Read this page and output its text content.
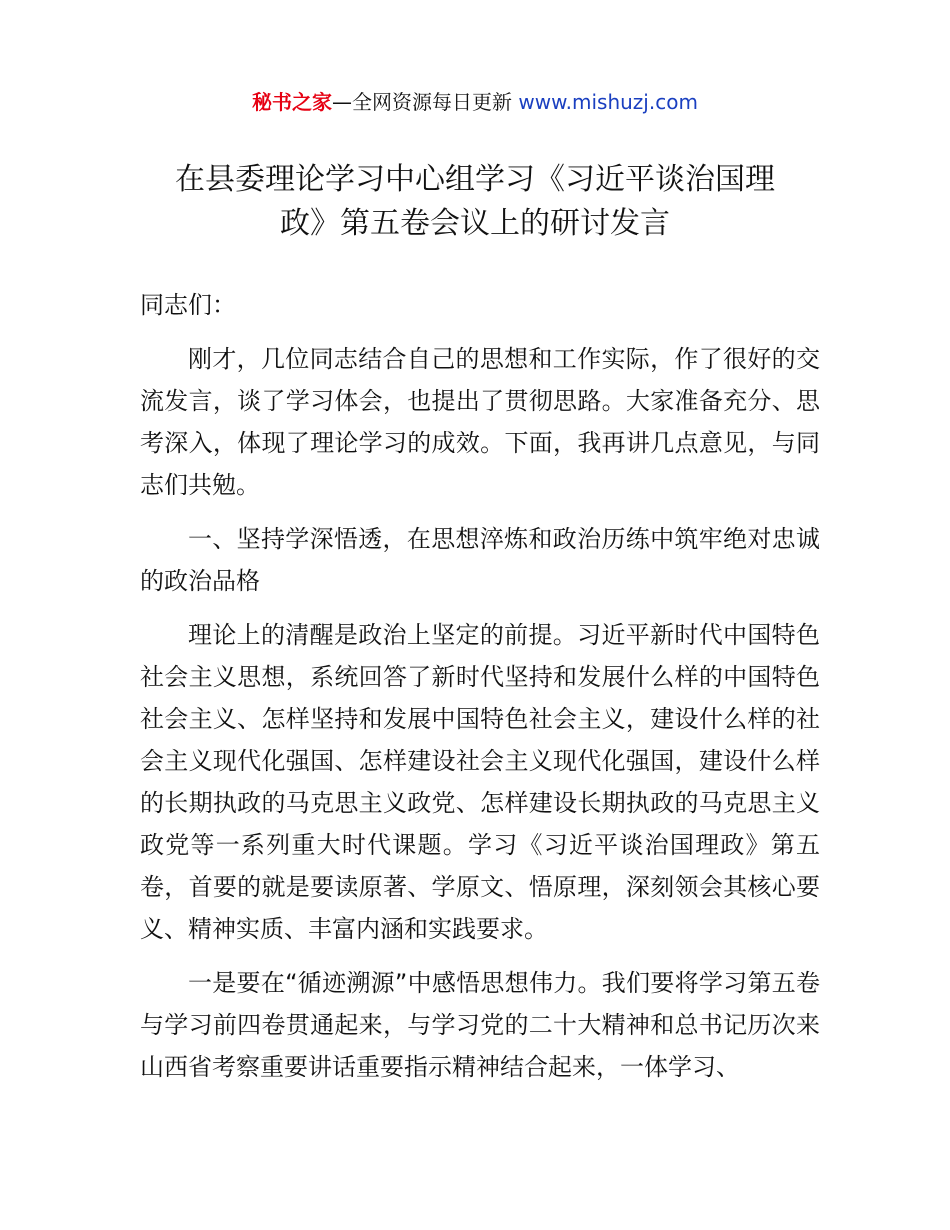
秘书之家—全网资源每日更新 www.mishuzj.com
在县委理论学习中心组学习《习近平谈治国理
政》第五卷会议上的研讨发言

同志们：

刚才，几位同志结合自己的思想和工作实际，作了很好的交流发言，谈了学习体会，也提出了贯彻思路。大家准备充分、思考深入，体现了理论学习的成效。下面，我再讲几点意见，与同志们共勉。

一、坚持学深悟透，在思想淬炼和政治历练中筑牢绝对忠诚的政治品格

理论上的清醒是政治上坚定的前提。习近平新时代中国特色社会主义思想，系统回答了新时代坚持和发展什么样的中国特色社会主义、怎样坚持和发展中国特色社会主义，建设什么样的社会主义现代化强国、怎样建设社会主义现代化强国，建设什么样的长期执政的马克思主义政党、怎样建设长期执政的马克思主义政党等一系列重大时代课题。学习《习近平谈治国理政》第五卷，首要的就是要读原著、学原文、悟原理，深刻领会其核心要义、精神实质、丰富内涵和实践要求。

一是要在“循迹溯源”中感悟思想伟力。我们要将学习第五卷与学习前四卷贯通起来，与学习党的二十大精神和总书记历次来山西省考察重要讲话重要指示精神结合起来，一体学习、
